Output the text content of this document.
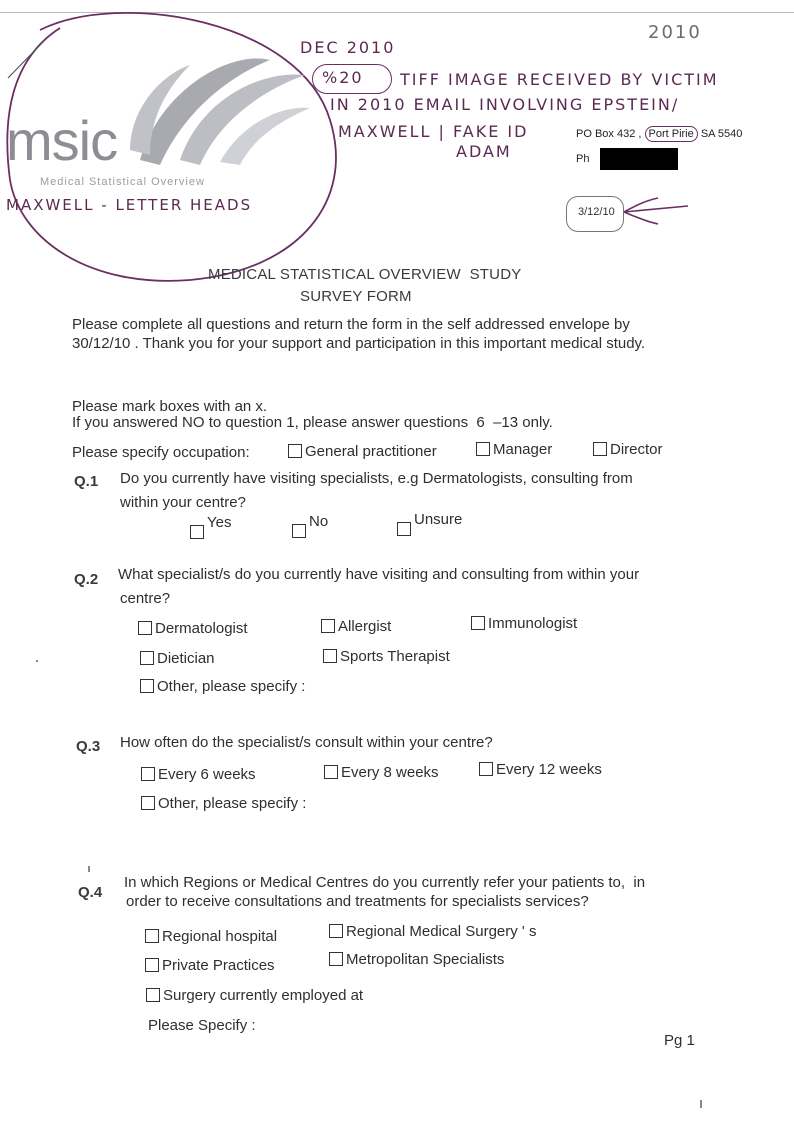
msic
Medical Statistical Overview
2010
DEC 2010
%20 TIFF IMAGE RECEIVED BY VICTIM
IN 2010 EMAIL INVOLVING EPSTEIN/
MAXWELL | FAKE ID
ADAM
MAXWELL - LETTER HEADS
PO Box 432 , Port Pirie SA 5540
Ph
3/12/10
MEDICAL STATISTICAL OVERVIEW  STUDY
SURVEY FORM
Please complete all questions and return the form in the self addressed envelope by
30/12/10 . Thank you for your support and participation in this important medical study.
Please mark boxes with an x.
If you answered NO to question 1, please answer questions  6  –13 only.
Please specify occupation:	General practitioner	Manager	Director
Q.1 Do you currently have visiting specialists, e.g Dermatologists, consulting from
within your centre?
Yes	No	Unsure
Q.2 What specialist/s do you currently have visiting and consulting from within your
centre?
Dermatologist	Allergist	Immunologist
Dietician	Sports Therapist
Other, please specify :
Q.3 How often do the specialist/s consult within your centre?
Every 6 weeks	Every 8 weeks	Every 12 weeks
Other, please specify :
Q.4
In which Regions or Medical Centres do you currently refer your patients to,  in
order to receive consultations and treatments for specialists services?
Regional hospital	Regional Medical Surgery ' s
Private Practices	Metropolitan Specialists
Surgery currently employed at
Please Specify :
Pg 1
